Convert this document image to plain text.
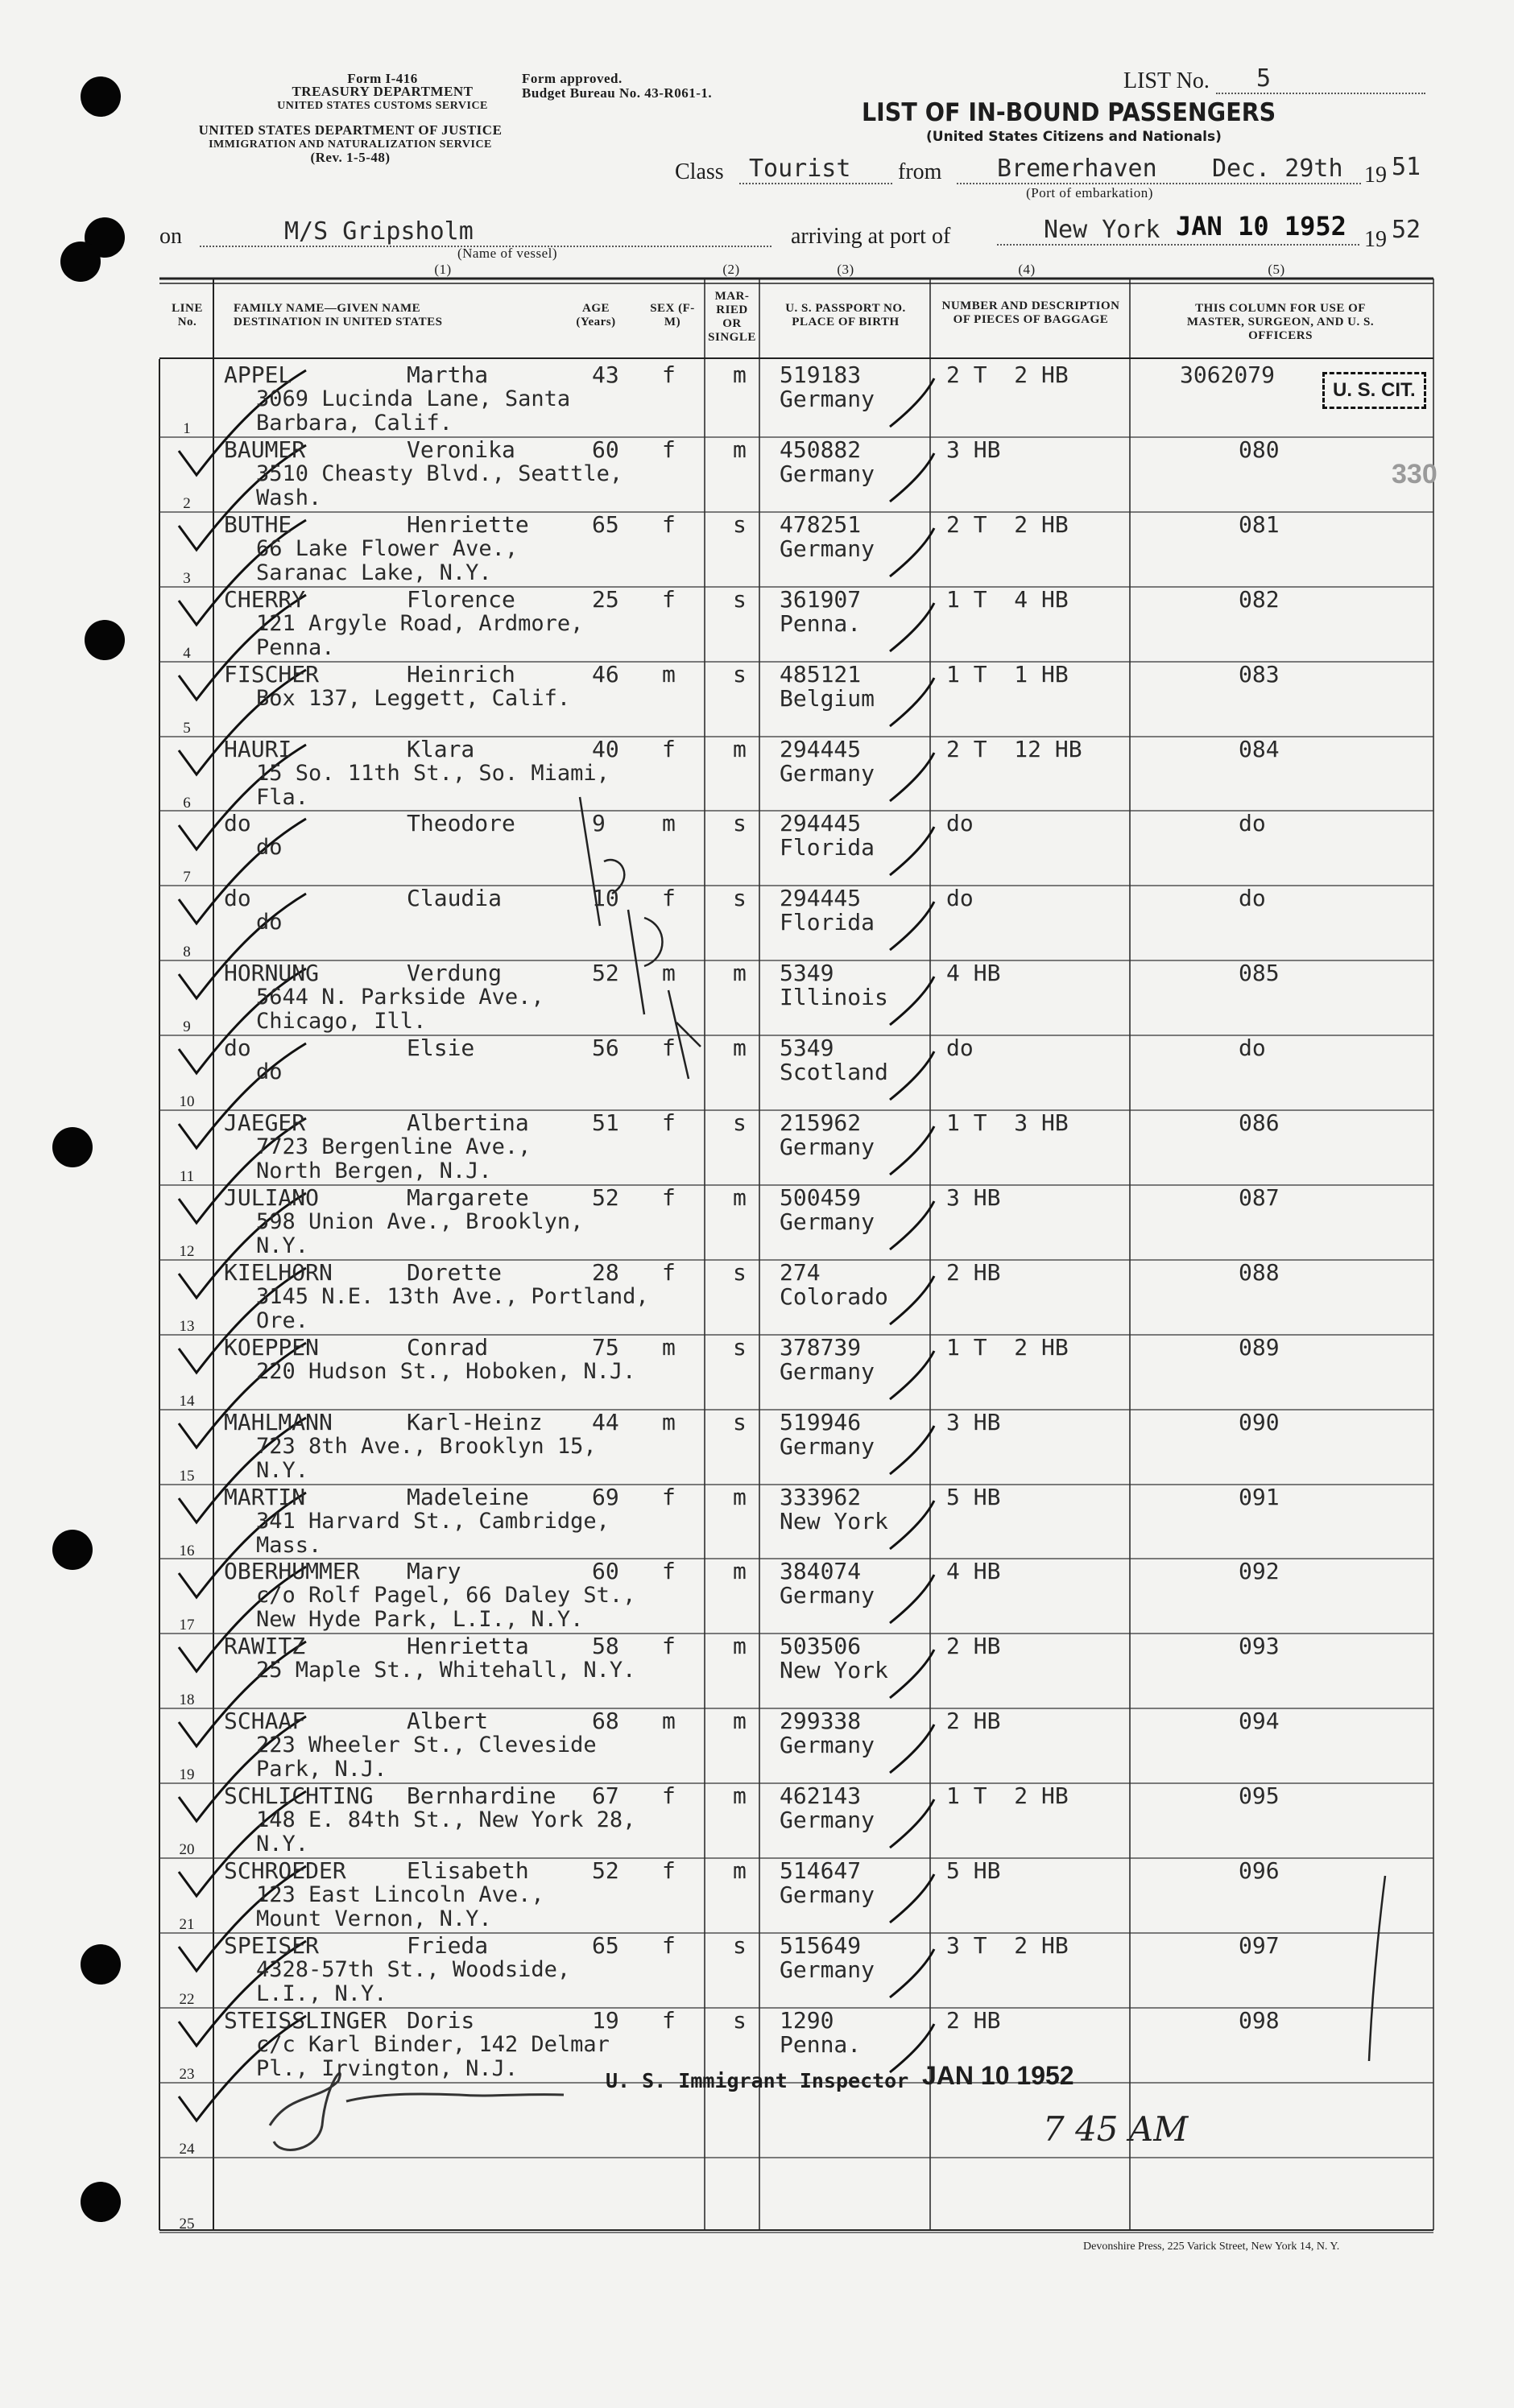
Form I-416
TREASURY DEPARTMENT
UNITED STATES CUSTOMS SERVICE
UNITED STATES DEPARTMENT OF JUSTICE
IMMIGRATION AND NATURALIZATION SERVICE
(Rev. 1-5-48)
Form approved.
Budget Bureau No. 43-R061-1.	LIST No.	5
LIST OF IN-BOUND PASSENGERS
(United States Citizens and Nationals)
Class	Tourist	from	Bremerhaven
(Port of embarkation)
Dec. 29th 19 51
on	M/S Gripsholm
(Name of vessel)
arriving at port of	New York JAN 10 1952 19 52
(1)	(2)	(3)	(4)	(5)
LINE No.
FAMILY NAME—GIVEN NAME DESTINATION IN UNITED STATES
AGE (Years)
SEX (F-M)
MAR- RIED OR SINGLE
U. S. PASSPORT NO. PLACE OF BIRTH
NUMBER AND DESCRIPTION OF PIECES OF BAGGAGE
THIS COLUMN FOR USE OF MASTER, SURGEON, AND U. S. OFFICERS
1
APPEL	Martha
3069 Lucinda Lane, Santa
Barbara, Calif.
43 f	m 519183
Germany
2 T  2 HB	3062079
2
BAUMER	Veronika
3510 Cheasty Blvd., Seattle,
Wash.
60 f	m 450882
Germany
3 HB	080
3
BUTHE	Henriette
66 Lake Flower Ave.,
Saranac Lake, N.Y.
65 f	s 478251
Germany
2 T  2 HB	081
4
CHERRY	Florence
121 Argyle Road, Ardmore,
Penna.
25 f	s 361907
Penna.
1 T  4 HB	082
5
FISCHER	Heinrich
Box 137, Leggett, Calif.
46 m	s 485121
Belgium
1 T  1 HB	083
6
HAURI	Klara
15 So. 11th St., So. Miami,
Fla.
40 f	m 294445
Germany
2 T  12 HB	084
7
do	Theodore
do
9	m	s 294445
Florida
do	do
8
do	Claudia
do
10 f	s 294445
Florida
do	do
9
HORNUNG	Verdung
5644 N. Parkside Ave.,
Chicago, Ill.
52 m	m 5349
Illinois
4 HB	085
10
do	Elsie
do
56 f	m 5349
Scotland
do	do
11
JAEGER	Albertina
7723 Bergenline Ave.,
North Bergen, N.J.
51 f	s 215962
Germany
1 T  3 HB	086
12
JULIANO	Margarete
598 Union Ave., Brooklyn,
N.Y.
52 f	m 500459
Germany
3 HB	087
13
KIELHORN	Dorette
3145 N.E. 13th Ave., Portland,
Ore.
28 f	s 274
Colorado
2 HB	088
14
KOEPPEN	Conrad
220 Hudson St., Hoboken, N.J.
75 m	s 378739
Germany
1 T  2 HB	089
15
MAHLMANN	Karl-Heinz
723 8th Ave., Brooklyn 15,
N.Y.
44 m	s 519946
Germany
3 HB	090
16
MARTIN	Madeleine
341 Harvard St., Cambridge,
Mass.
69 f	m 333962
New York
5 HB	091
17
OBERHUMMER Mary
c/o Rolf Pagel, 66 Daley St.,
New Hyde Park, L.I., N.Y.
60 f	m 384074
Germany
4 HB	092
18
RAWITZ	Henrietta
25 Maple St., Whitehall, N.Y.
58 f	m 503506
New York
2 HB	093
19
SCHAAF	Albert
223 Wheeler St., Cleveside
Park, N.J.
68 m	m 299338
Germany
2 HB	094
20
SCHLICHTING Bernhardine
148 E. 84th St., New York 28,
N.Y.
67 f	m 462143
Germany
1 T  2 HB	095
21
SCHROEDER	Elisabeth
123 East Lincoln Ave.,
Mount Vernon, N.Y.
52 f	m 514647
Germany
5 HB	096
22
SPEISER	Frieda
4328-57th St., Woodside,
L.I., N.Y.
65 f	s 515649
Germany
3 T  2 HB	097
23
STEISSLINGER Doris
c/c Karl Binder, 142 Delmar
Pl., Irvington, N.J.
19 f	s 1290
Penna.
2 HB	098
24
25
U. S. Immigrant Inspector JAN 10 1952
7 45 AM
U. S. CIT.
330
Devonshire Press, 225 Varick Street, New York 14, N. Y.
